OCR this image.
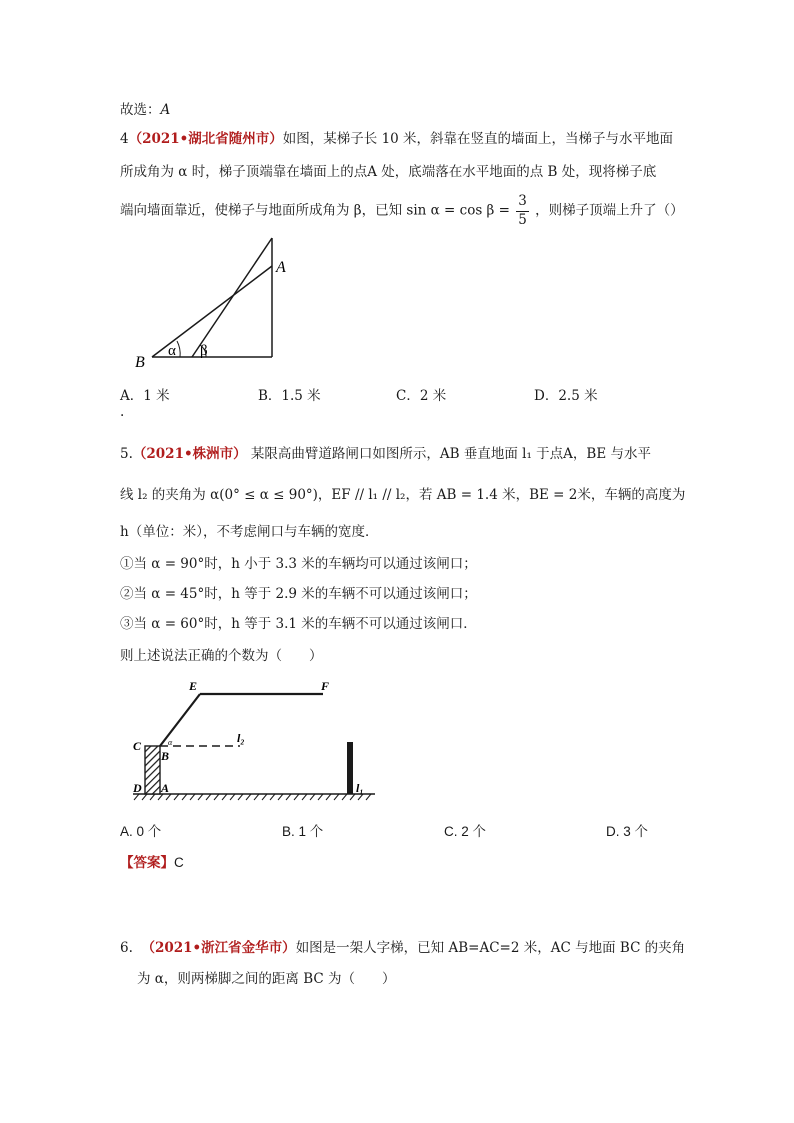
故选：A
4（2021•湖北省随州市）如图，某梯子长 10 米，斜靠在竖直的墙面上，当梯子与水平地面
所成角为 α 时，梯子顶端靠在墙面上的点A 处，底端落在水平地面的点 B 处，现将梯子底
端向墙面靠近，使梯子与地面所成角为 β，已知 $\sin \alpha = \cos \beta = \frac{3}{5}$ ，则梯子顶端上升了（）
A
B
α β
A．1 米	B．1.5 米	C．2 米	D．2.5 米
.
5.（2021•株洲市） 某限高曲臂道路闸口如图所示，AB 垂直地面 l₁ 于点A，BE 与水平
线 l₂ 的夹角为 α(0° ≤ α ≤ 90°)，EF // l₁ // l₂，若 AB = 1.4 米，BE = 2米，车辆的高度为
h（单位：米），不考虑闸口与车辆的宽度．
①当 α = 90°时，h 小于 3.3 米的车辆均可以通过该闸口；
②当 α = 45°时，h 等于 2.9 米的车辆不可以通过该闸口；
③当 α = 60°时，h 等于 3.1 米的车辆不可以通过该闸口．
则上述说法正确的个数为（　　）
E	F
C
B
D A
α	l₂
l₁
A. 0 个	B. 1 个	C. 2 个	D. 3 个
【答案】C
6. （2021•浙江省金华市）如图是一架人字梯，已知 AB=AC=2 米，AC 与地面 BC 的夹角
为 α，则两梯脚之间的距离 BC 为（　　）
